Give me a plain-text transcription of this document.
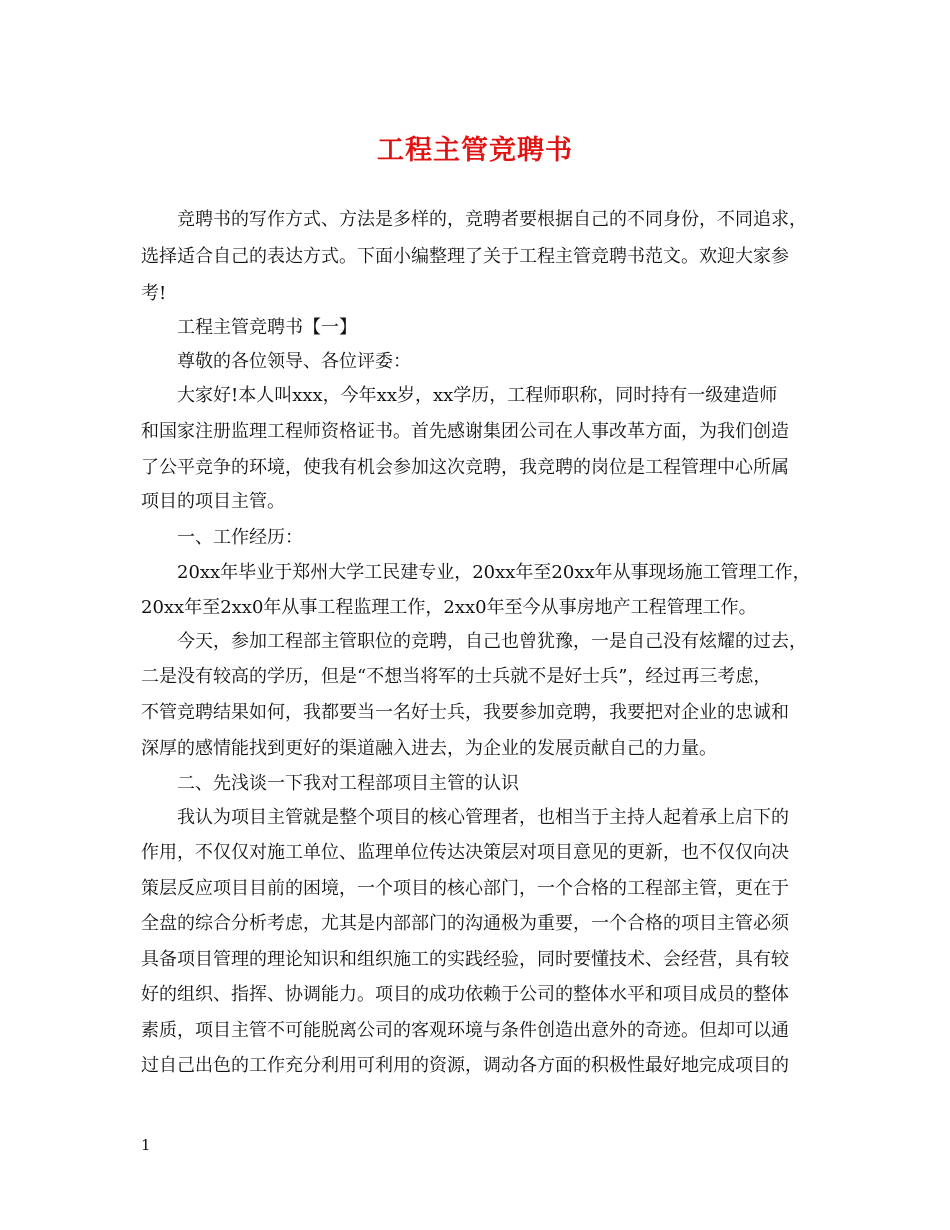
工程主管竞聘书
竞聘书的写作方式、方法是多样的，竞聘者要根据自己的不同身份，不同追求，
选择适合自己的表达方式。下面小编整理了关于工程主管竞聘书范文。欢迎大家参
考!
工程主管竞聘书【一】
尊敬的各位领导、各位评委：
大家好!本人叫xxx，今年xx岁，xx学历，工程师职称，同时持有一级建造师
和国家注册监理工程师资格证书。首先感谢集团公司在人事改革方面，为我们创造
了公平竞争的环境，使我有机会参加这次竞聘，我竞聘的岗位是工程管理中心所属
项目的项目主管。
一、工作经历：
20xx年毕业于郑州大学工民建专业，20xx年至20xx年从事现场施工管理工作，
20xx年至2xx0年从事工程监理工作，2xx0年至今从事房地产工程管理工作。
今天，参加工程部主管职位的竞聘，自己也曾犹豫，一是自己没有炫耀的过去，
二是没有较高的学历，但是“不想当将军的士兵就不是好士兵”，经过再三考虑，
不管竞聘结果如何，我都要当一名好士兵，我要参加竞聘，我要把对企业的忠诚和
深厚的感情能找到更好的渠道融入进去，为企业的发展贡献自己的力量。
二、先浅谈一下我对工程部项目主管的认识
我认为项目主管就是整个项目的核心管理者，也相当于主持人起着承上启下的
作用，不仅仅对施工单位、监理单位传达决策层对项目意见的更新，也不仅仅向决
策层反应项目目前的困境，一个项目的核心部门，一个合格的工程部主管，更在于
全盘的综合分析考虑，尤其是内部部门的沟通极为重要，一个合格的项目主管必须
具备项目管理的理论知识和组织施工的实践经验，同时要懂技术、会经营，具有较
好的组织、指挥、协调能力。项目的成功依赖于公司的整体水平和项目成员的整体
素质，项目主管不可能脱离公司的客观环境与条件创造出意外的奇迹。但却可以通
过自己出色的工作充分利用可利用的资源，调动各方面的积极性最好地完成项目的
1
